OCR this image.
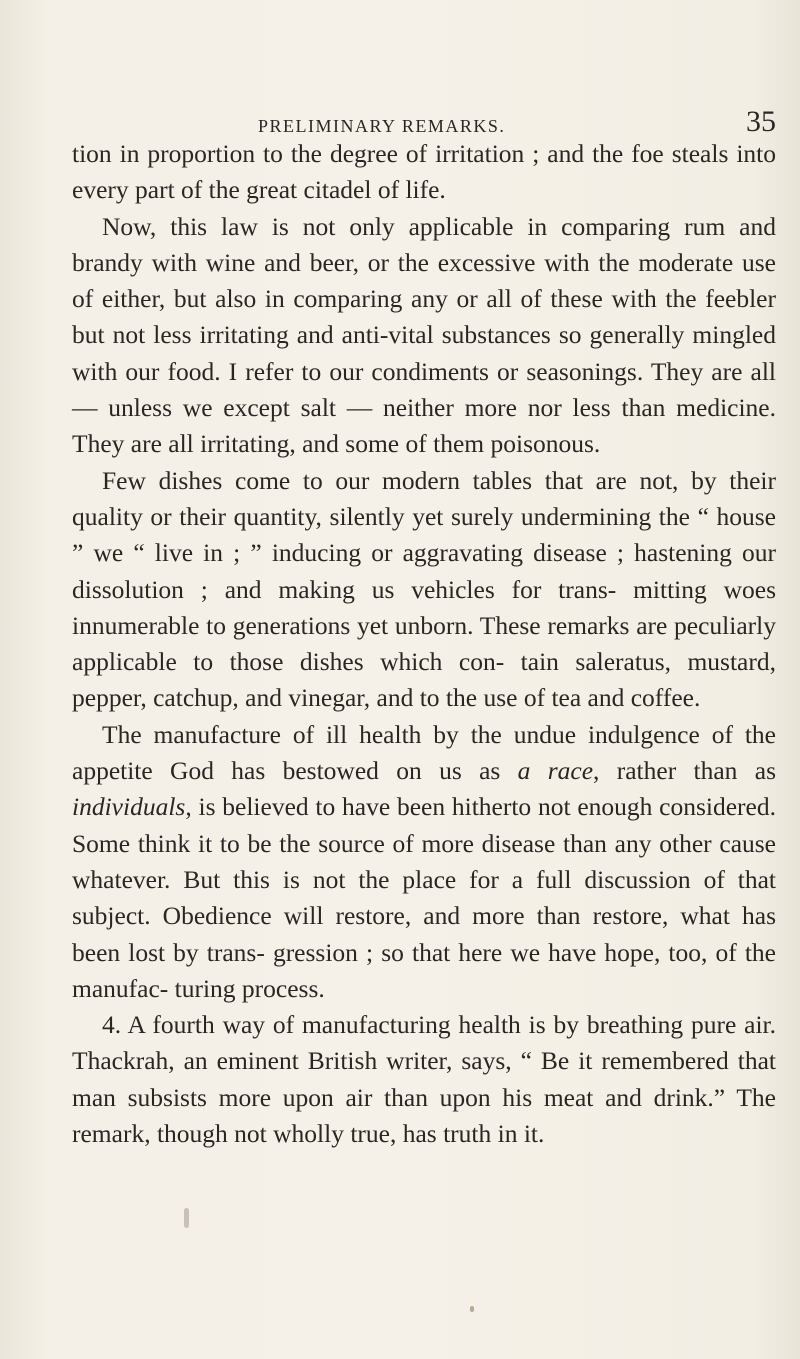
PRELIMINARY REMARKS.	35

tion in proportion to the degree of irritation ; and the foe steals into every part of the great citadel of life.

Now, this law is not only applicable in comparing rum and brandy with wine and beer, or the excessive with the moderate use of either, but also in comparing any or all of these with the feebler but not less irritating and anti-vital substances so generally mingled with our food. I refer to our condiments or seasonings. They are all — unless we except salt — neither more nor less than medicine. They are all irritating, and some of them poisonous.

Few dishes come to our modern tables that are not, by their quality or their quantity, silently yet surely undermining the “ house ” we “ live in ; ” inducing or aggravating disease ; hastening our dissolution ; and making us vehicles for trans- mitting woes innumerable to generations yet unborn. These remarks are peculiarly applicable to those dishes which con- tain saleratus, mustard, pepper, catchup, and vinegar, and to the use of tea and coffee.

The manufacture of ill health by the undue indulgence of the appetite God has bestowed on us as a race, rather than as individuals, is believed to have been hitherto not enough considered. Some think it to be the source of more disease than any other cause whatever. But this is not the place for a full discussion of that subject. Obedience will restore, and more than restore, what has been lost by trans- gression ; so that here we have hope, too, of the manufac- turing process.

4. A fourth way of manufacturing health is by breathing pure air. Thackrah, an eminent British writer, says, “ Be it remembered that man subsists more upon air than upon his meat and drink.” The remark, though not wholly true, has truth in it.
